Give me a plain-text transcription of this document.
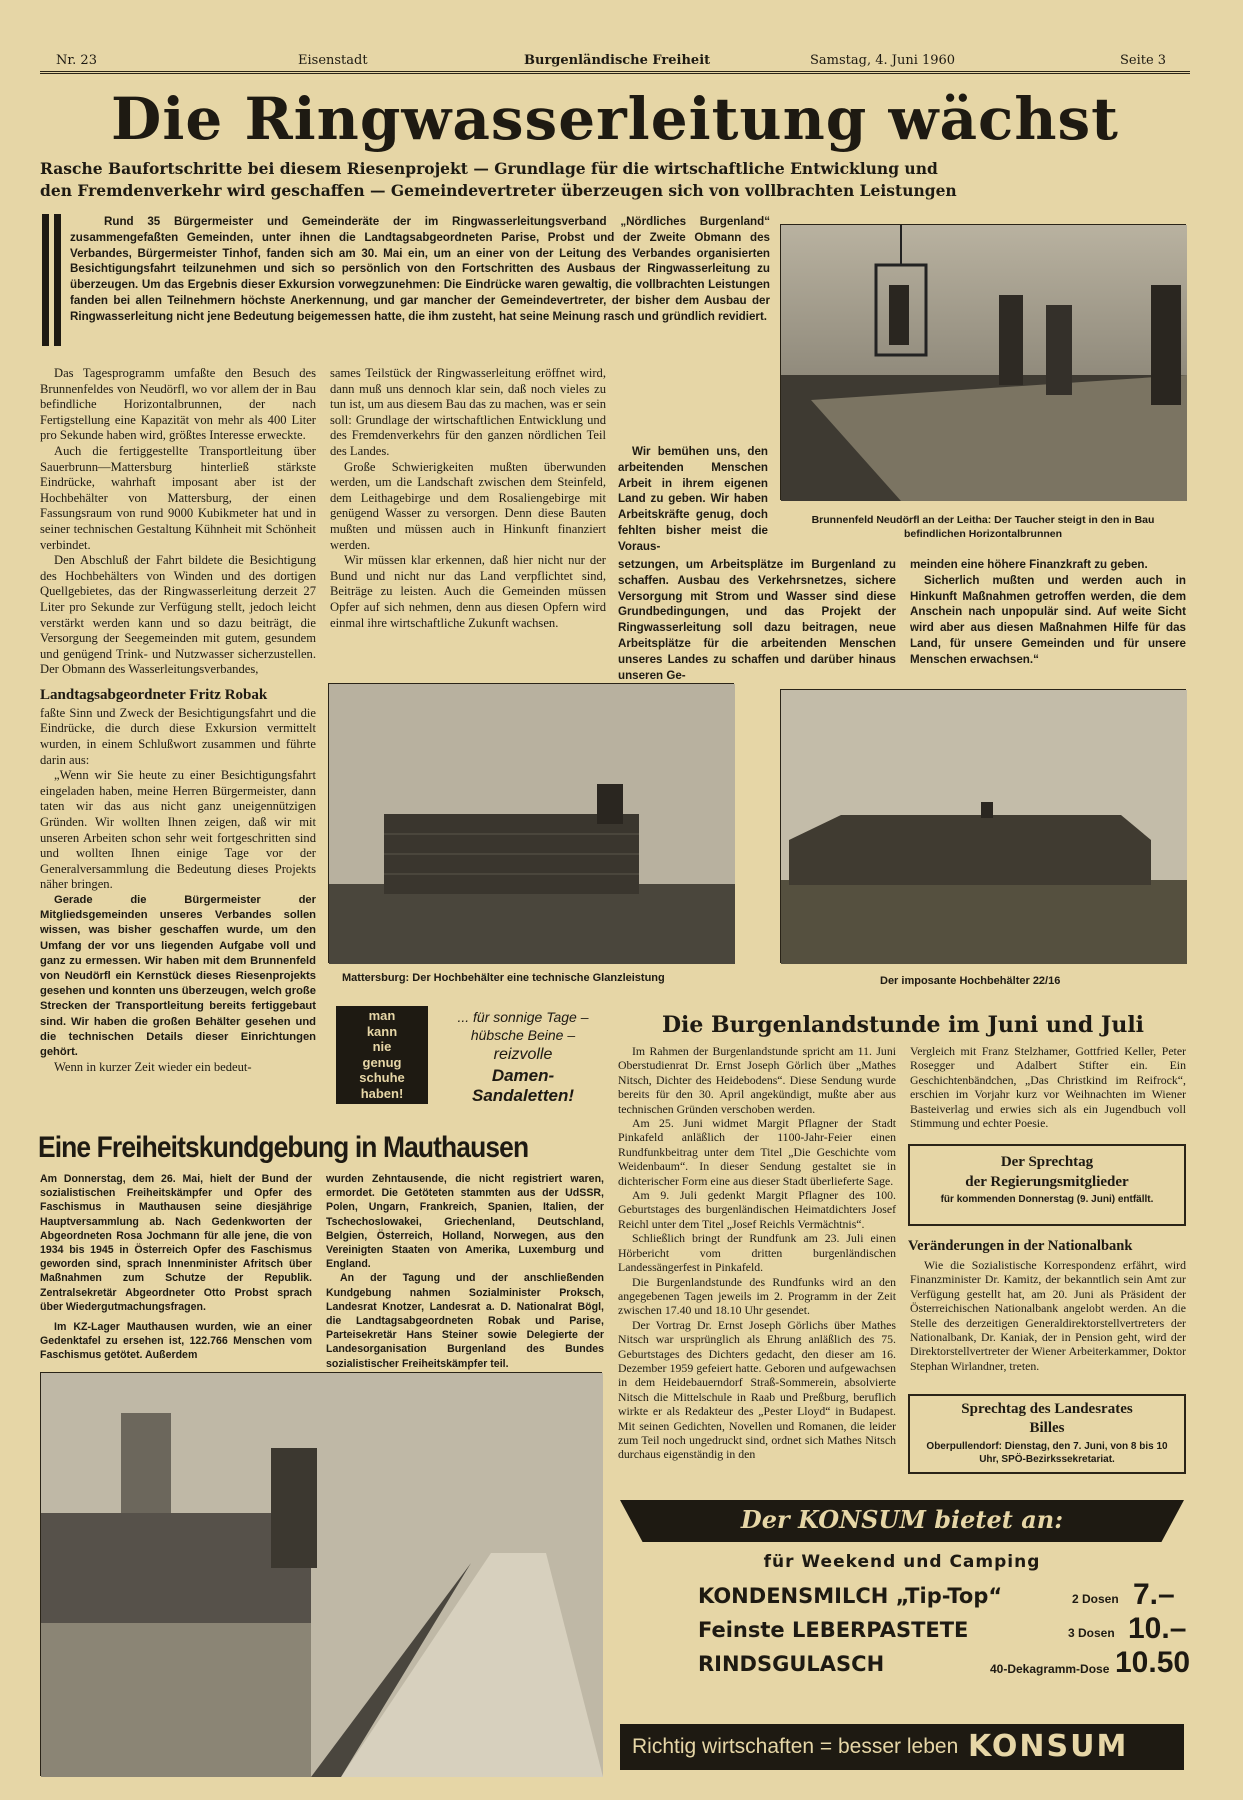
Nr. 23	Eisenstadt	Burgenländische Freiheit	Samstag, 4. Juni 1960	Seite 3
Die Ringwasserleitung wächst
Rasche Baufortschritte bei diesem Riesenprojekt — Grundlage für die wirtschaftliche Entwicklung und
den Fremdenverkehr wird geschaffen — Gemeindevertreter überzeugen sich von vollbrachten Leistungen
Rund 35 Bürgermeister und Gemeinderäte der im Ringwasserleitungsverband „Nördliches Burgenland“ zusammengefaßten Gemeinden, unter ihnen die Landtagsabgeordneten Parise, Probst und der Zweite Obmann des Verbandes, Bürgermeister Tinhof, fanden sich am 30. Mai ein, um an einer von der Leitung des Verbandes organisierten Besichtigungsfahrt teilzunehmen und sich so persönlich von den Fortschritten des Ausbaus der Ringwasserleitung zu überzeugen. Um das Ergebnis dieser Exkursion vorwegzunehmen: Die Eindrücke waren gewaltig, die vollbrachten Leistungen fanden bei allen Teilnehmern höchste Anerkennung, und gar mancher der Gemeindevertreter, der bisher dem Ausbau der Ringwasserleitung nicht jene Bedeutung beigemessen hatte, die ihm zusteht, hat seine Meinung rasch und gründlich revidiert.
Brunnenfeld Neudörfl an der Leitha: Der Taucher steigt in den in Bau befindlichen Horizontalbrunnen

Das Tagesprogramm umfaßte den Besuch des Brunnenfeldes von Neudörfl, wo vor allem der in Bau befindliche Horizontalbrunnen, der nach Fertigstellung eine Kapazität von mehr als 400 Liter pro Sekunde haben wird, größtes Interesse erweckte.

Auch die fertiggestellte Transportleitung über Sauerbrunn—Mattersburg hinterließ stärkste Eindrücke, wahrhaft imposant aber ist der Hochbehälter von Mattersburg, der einen Fassungsraum von rund 9000 Kubikmeter hat und in seiner technischen Gestaltung Kühnheit mit Schönheit verbindet.

Den Abschluß der Fahrt bildete die Besichtigung des Hochbehälters von Winden und des dortigen Quellgebietes, das der Ringwasserleitung derzeit 27 Liter pro Sekunde zur Verfügung stellt, jedoch leicht verstärkt werden kann und so dazu beiträgt, die Versorgung der Seegemeinden mit gutem, gesundem und genügend Trink- und Nutzwasser sicherzustellen. Der Obmann des Wasserleitungsverbandes,

Landtagsabgeordneter Fritz Robak

faßte Sinn und Zweck der Besichtigungsfahrt und die Eindrücke, die durch diese Exkursion vermittelt wurden, in einem Schlußwort zusammen und führte darin aus:

„Wenn wir Sie heute zu einer Besichtigungsfahrt eingeladen haben, meine Herren Bürgermeister, dann taten wir das aus nicht ganz uneigennützigen Gründen. Wir wollten Ihnen zeigen, daß wir mit unseren Arbeiten schon sehr weit fortgeschritten sind und wollten Ihnen einige Tage vor der Generalversammlung die Bedeutung dieses Projekts näher bringen.

Gerade die Bürgermeister der Mitgliedsgemeinden unseres Verbandes sollen wissen, was bisher geschaffen wurde, um den Umfang der vor uns liegenden Aufgabe voll und ganz zu ermessen. Wir haben mit dem Brunnenfeld von Neudörfl ein Kernstück dieses Riesenprojekts gesehen und konnten uns überzeugen, welch große Strecken der Transportleitung bereits fertiggebaut sind. Wir haben die großen Behälter gesehen und die technischen Details dieser Einrichtungen gehört.

Wenn in kurzer Zeit wieder ein bedeut-

sames Teilstück der Ringwasserleitung eröffnet wird, dann muß uns dennoch klar sein, daß noch vieles zu tun ist, um aus diesem Bau das zu machen, was er sein soll: Grundlage der wirtschaftlichen Entwicklung und des Fremdenverkehrs für den ganzen nördlichen Teil des Landes.

Große Schwierigkeiten mußten überwunden werden, um die Landschaft zwischen dem Steinfeld, dem Leithagebirge und dem Rosaliengebirge mit genügend Wasser zu versorgen. Denn diese Bauten mußten und müssen auch in Hinkunft finanziert werden.

Wir müssen klar erkennen, daß hier nicht nur der Bund und nicht nur das Land verpflichtet sind, Beiträge zu leisten. Auch die Gemeinden müssen Opfer auf sich nehmen, denn aus diesen Opfern wird einmal ihre wirtschaftliche Zukunft wachsen.

Wir bemühen uns, den arbeitenden Menschen Arbeit in ihrem eigenen Land zu geben. Wir haben Arbeitskräfte genug, doch fehlten bisher meist die Voraus-
setzungen, um Arbeitsplätze im Burgenland zu schaffen. Ausbau des Verkehrsnetzes, sichere Versorgung mit Strom und Wasser sind diese Grundbedingungen, und das Projekt der Ringwasserleitung soll dazu beitragen, neue Arbeitsplätze für die arbeitenden Menschen unseres Landes zu schaffen und darüber hinaus unseren Ge-

meinden eine höhere Finanzkraft zu geben.

Sicherlich mußten und werden auch in Hinkunft Maßnahmen getroffen werden, die dem Anschein nach unpopulär sind. Auf weite Sicht wird aber aus diesen Maßnahmen Hilfe für das Land, für unsere Gemeinden und für unsere Menschen erwachsen.“

Mattersburg: Der Hochbehälter eine technische Glanzleistung	Der imposante Hochbehälter 22/16
man
kann
nie
genug
schuhe
haben!
... für sonnige Tage –
hübsche Beine –
reizvolle
Damen-
Sandaletten!
Eine Freiheitskundgebung in Mauthausen

Am Donnerstag, dem 26. Mai, hielt der Bund der sozialistischen Freiheitskämpfer und Opfer des Faschismus in Mauthausen seine diesjährige Hauptversammlung ab. Nach Gedenkworten der Abgeordneten Rosa Jochmann für alle jene, die von 1934 bis 1945 in Österreich Opfer des Faschismus geworden sind, sprach Innenminister Afritsch über Maßnahmen zum Schutze der Republik. Zentralsekretär Abgeordneter Otto Probst sprach über Wiedergutmachungsfragen.

Im KZ-Lager Mauthausen wurden, wie an einer Gedenktafel zu ersehen ist, 122.766 Menschen vom Faschismus getötet. Außerdem

wurden Zehntausende, die nicht registriert waren, ermordet. Die Getöteten stammten aus der UdSSR, Polen, Ungarn, Frankreich, Spanien, Italien, der Tschechoslowakei, Griechenland, Deutschland, Belgien, Österreich, Holland, Norwegen, aus den Vereinigten Staaten von Amerika, Luxemburg und England.

An der Tagung und der anschließenden Kundgebung nahmen Sozialminister Proksch, Landesrat Knotzer, Landesrat a. D. Nationalrat Bögl, die Landtagsabgeordneten Robak und Parise, Parteisekretär Hans Steiner sowie Delegierte der Landesorganisation Burgenland des Bundes sozialistischer Freiheitskämpfer teil.

Die Burgenlandstunde im Juni und Juli

Im Rahmen der Burgenlandstunde spricht am 11. Juni Oberstudienrat Dr. Ernst Joseph Görlich über „Mathes Nitsch, Dichter des Heidebodens“. Diese Sendung wurde bereits für den 30. April angekündigt, mußte aber aus technischen Gründen verschoben werden.

Am 25. Juni widmet Margit Pflagner der Stadt Pinkafeld anläßlich der 1100-Jahr-Feier einen Rundfunkbeitrag unter dem Titel „Die Geschichte vom Weidenbaum“. In dieser Sendung gestaltet sie in dichterischer Form eine aus dieser Stadt überlieferte Sage.

Am 9. Juli gedenkt Margit Pflagner des 100. Geburtstages des burgenländischen Heimatdichters Josef Reichl unter dem Titel „Josef Reichls Vermächtnis“.

Schließlich bringt der Rundfunk am 23. Juli einen Hörbericht vom dritten burgenländischen Landessängerfest in Pinkafeld.

Die Burgenlandstunde des Rundfunks wird an den angegebenen Tagen jeweils im 2. Programm in der Zeit zwischen 17.40 und 18.10 Uhr gesendet.

Der Vortrag Dr. Ernst Joseph Görlichs über Mathes Nitsch war ursprünglich als Ehrung anläßlich des 75. Geburtstages des Dichters gedacht, den dieser am 16. Dezember 1959 gefeiert hatte. Geboren und aufgewachsen in dem Heidebauerndorf Straß-Sommerein, absolvierte Nitsch die Mittelschule in Raab und Preßburg, beruflich wirkte er als Redakteur des „Pester Lloyd“ in Budapest. Mit seinen Gedichten, Novellen und Romanen, die leider zum Teil noch ungedruckt sind, ordnet sich Mathes Nitsch durchaus eigenständig in den

Vergleich mit Franz Stelzhamer, Gottfried Keller, Peter Rosegger und Adalbert Stifter ein. Ein Geschichtenbändchen, „Das Christkind im Reifrock“, erschien im Vorjahr kurz vor Weihnachten im Wiener Basteiverlag und erwies sich als ein Jugendbuch voll Stimmung und echter Poesie.
Der Sprechtag
der Regierungsmitglieder
für kommenden Donnerstag (9. Juni) entfällt.
Veränderungen in der Nationalbank
Wie die Sozialistische Korrespondenz erfährt, wird Finanzminister Dr. Kamitz, der bekanntlich sein Amt zur Verfügung gestellt hat, am 20. Juni als Präsident der Österreichischen Nationalbank angelobt werden. An die Stelle des derzeitigen Generaldirektorstellvertreters der Nationalbank, Dr. Kaniak, der in Pension geht, wird der Direktorstellvertreter der Wiener Arbeiterkammer, Doktor Stephan Wirlandner, treten.
Sprechtag des Landesrates
Billes
Oberpullendorf: Dienstag, den 7. Juni, von 8 bis 10 Uhr, SPÖ-Bezirkssekretariat.
Der KONSUM bietet an:
für Weekend und Camping
KONDENSMILCH „Tip-Top“	2 Dosen 7.–
Feinste LEBERPASTETE	3 Dosen 10.–
RINDSGULASCH	40-Dekagramm-Dose 10.50
Richtig wirtschaften = besser leben KONSUM
